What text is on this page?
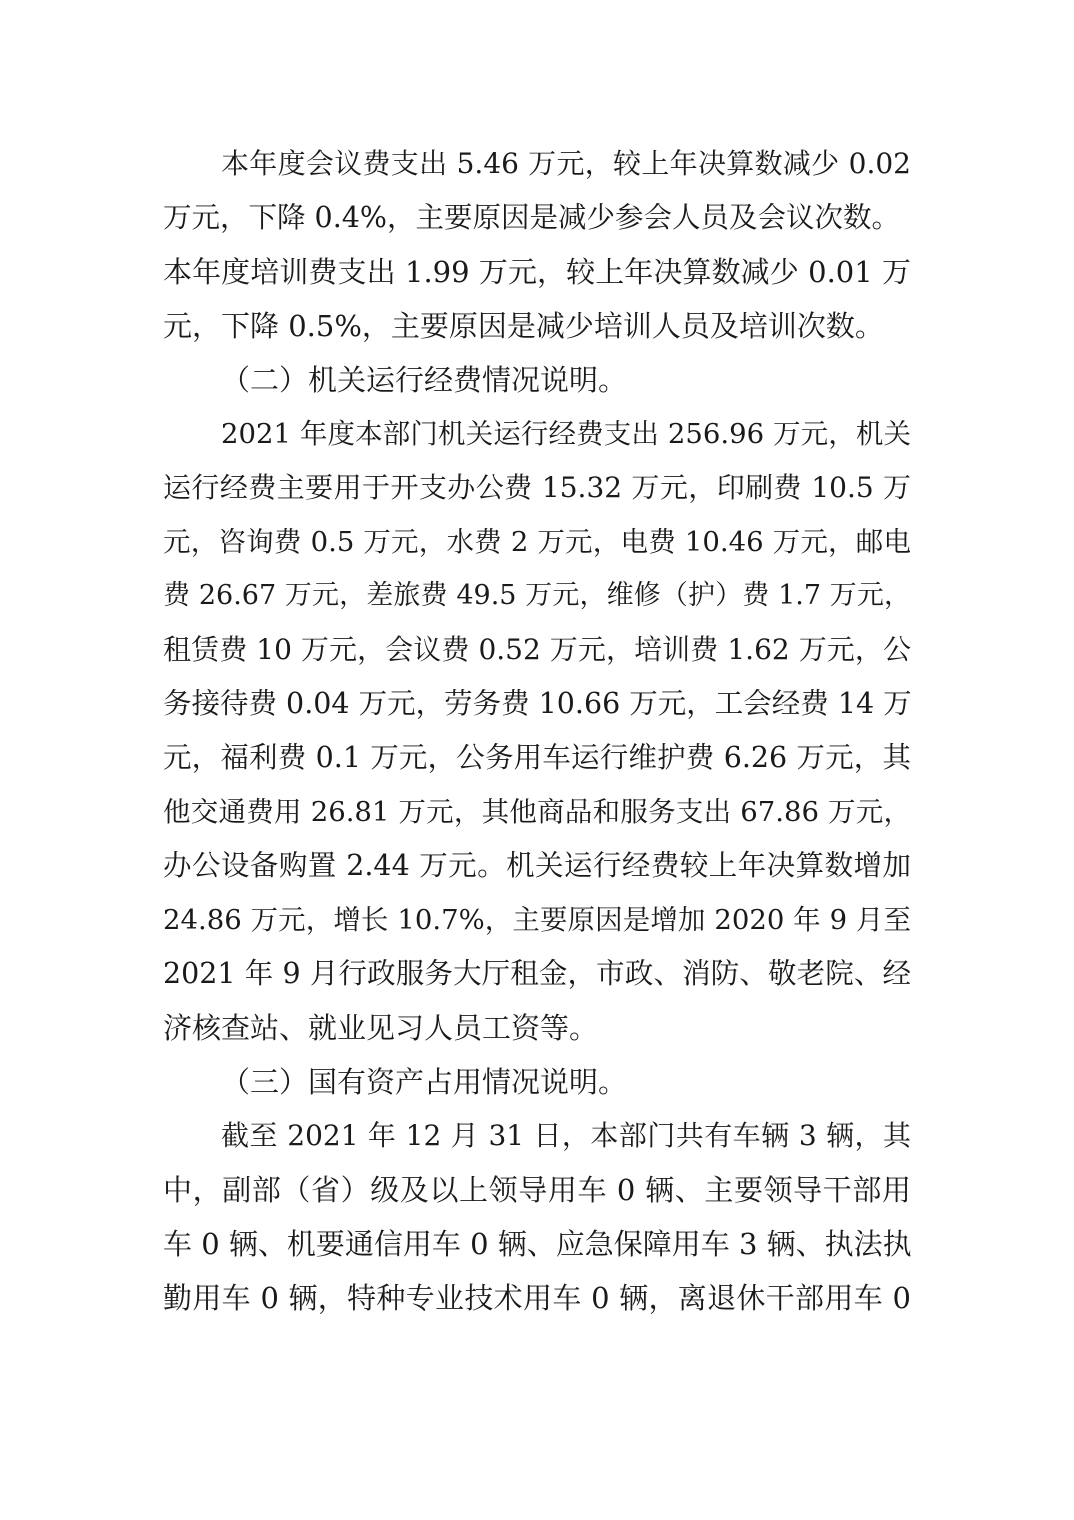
本年度会议费支出 5.46 万元，较上年决算数减少 0.02
万元，下降 0.4%，主要原因是减少参会人员及会议次数。
本年度培训费支出 1.99 万元，较上年决算数减少 0.01 万
元，下降 0.5%，主要原因是减少培训人员及培训次数。
（二）机关运行经费情况说明。
2021 年度本部门机关运行经费支出 256.96 万元，机关
运行经费主要用于开支办公费 15.32 万元，印刷费 10.5 万
元，咨询费 0.5 万元，水费 2 万元，电费 10.46 万元，邮电
费 26.67 万元，差旅费 49.5 万元，维修（护）费 1.7 万元，
租赁费 10 万元，会议费 0.52 万元，培训费 1.62 万元，公
务接待费 0.04 万元，劳务费 10.66 万元，工会经费 14 万
元，福利费 0.1 万元，公务用车运行维护费 6.26 万元，其
他交通费用 26.81 万元，其他商品和服务支出 67.86 万元，
办公设备购置 2.44 万元。机关运行经费较上年决算数增加
24.86 万元，增长 10.7%，主要原因是增加 2020 年 9 月至
2021 年 9 月行政服务大厅租金，市政、消防、敬老院、经
济核查站、就业见习人员工资等。
（三）国有资产占用情况说明。
截至 2021 年 12 月 31 日，本部门共有车辆 3 辆，其
中，副部（省）级及以上领导用车 0 辆、主要领导干部用
车 0 辆、机要通信用车 0 辆、应急保障用车 3 辆、执法执
勤用车 0 辆，特种专业技术用车 0 辆，离退休干部用车 0
